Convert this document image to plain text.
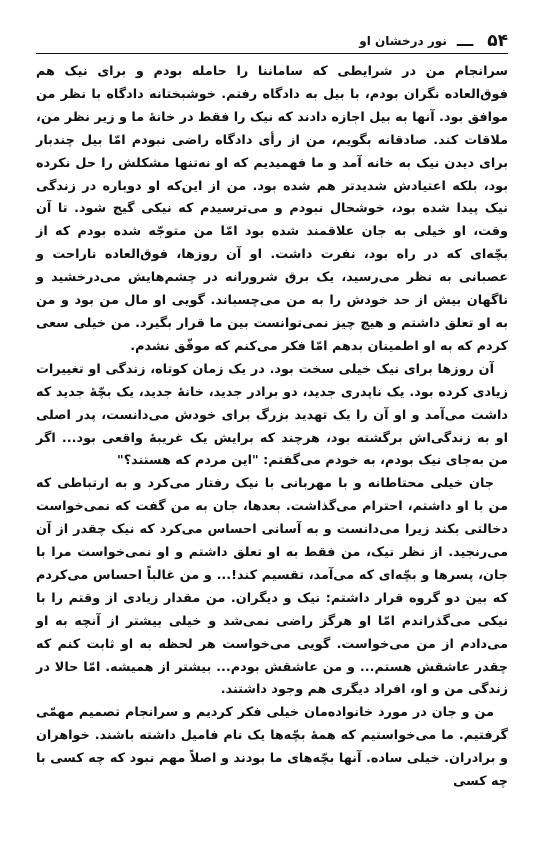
۵۴
ـــ
نور درخشان او

سرانجام من در شرایطی که ساماننا را حامله بودم و برای نیک هم فوق‌العاده نگران بودم، با بیل به دادگاه رفتم. خوشبختانه دادگاه با نظر من موافق بود. آنها به بیل اجازه دادند که نیک را فقط در خانهٔ ما و زیر نظر من، ملاقات کند. صادقانه بگویم، من از رأی دادگاه راضی نبودم امّا بیل چندبار برای دیدن نیک به خانه آمد و ما فهمیدیم که او نه‌تنها مشکلش را حل نکرده بود، بلکه اعتیادش شدیدتر هم شده بود. من از این‌که او دوباره در زندگی نیک پیدا شده بود، خوشحال نبودم و می‌ترسیدم که نیکی گیج شود. تا آن وقت، او خیلی به جان علاقمند شده بود امّا من متوجّه شده بودم که از بچّه‌ای که در راه بود، نفرت داشت. او آن روزها، فوق‌العاده ناراحت و عصبانی به نظر می‌رسید، یک برق شرورانه در چشم‌هایش می‌درخشید و ناگهان بیش از حد خودش را به من می‌چسباند. گویی او مال من بود و من به او تعلق داشتم و هیچ چیز نمی‌توانست بین ما قرار بگیرد. من خیلی سعی کردم که به او اطمینان بدهم امّا فکر می‌کنم که موفّق نشدم.

آن روزها برای نیک خیلی سخت بود. در یک زمان کوتاه، زندگی او تغییرات زیادی کرده بود. یک ناپدری جدید، دو برادر جدید، خانهٔ جدید، یک بچّهٔ جدید که داشت می‌آمد و او آن را یک تهدید بزرگ برای خودش می‌دانست، پدر اصلی او به زندگی‌اش برگشته بود، هرچند که برایش یک غریبهٔ واقعی بود... اگر من به‌جای نیک بودم، به خودم می‌گفتم: "این مردم که هستند؟"

جان خیلی محتاطانه و با مهربانی با نیک رفتار می‌کرد و به ارتباطی که من با او داشتم، احترام می‌گذاشت. بعدها، جان به من گفت که نمی‌خواست دخالتی بکند زیرا می‌دانست و به آسانی احساس می‌کرد که نیک چقدر از آن می‌رنجید. از نظر نیک، من فقط به او تعلق داشتم و او نمی‌خواست مرا با جان، پسرها و بچّه‌ای که می‌آمد، تقسیم کند!... و من غالباً احساس می‌کردم که بین دو گروه قرار داشتم: نیک و دیگران. من مقدار زیادی از وقتم را با نیکی می‌گذراندم امّا او هرگز راضی نمی‌شد و خیلی بیشتر از آنچه به او می‌دادم از من می‌خواست. گویی می‌خواست هر لحظه به او ثابت کنم که چقدر عاشقش هستم... و من عاشقش بودم... بیشتر از همیشه. امّا حالا در زندگی من و او، افراد دیگری هم وجود داشتند.

من و جان در مورد خانواده‌مان خیلی فکر کردیم و سرانجام تصمیم مهمّی گرفتیم. ما می‌خواستیم که همهٔ بچّه‌ها یک نام فامیل داشته باشند. خواهران و برادران. خیلی ساده. آنها بچّه‌های ما بودند و اصلاً مهم نبود که چه کسی با چه کسی
